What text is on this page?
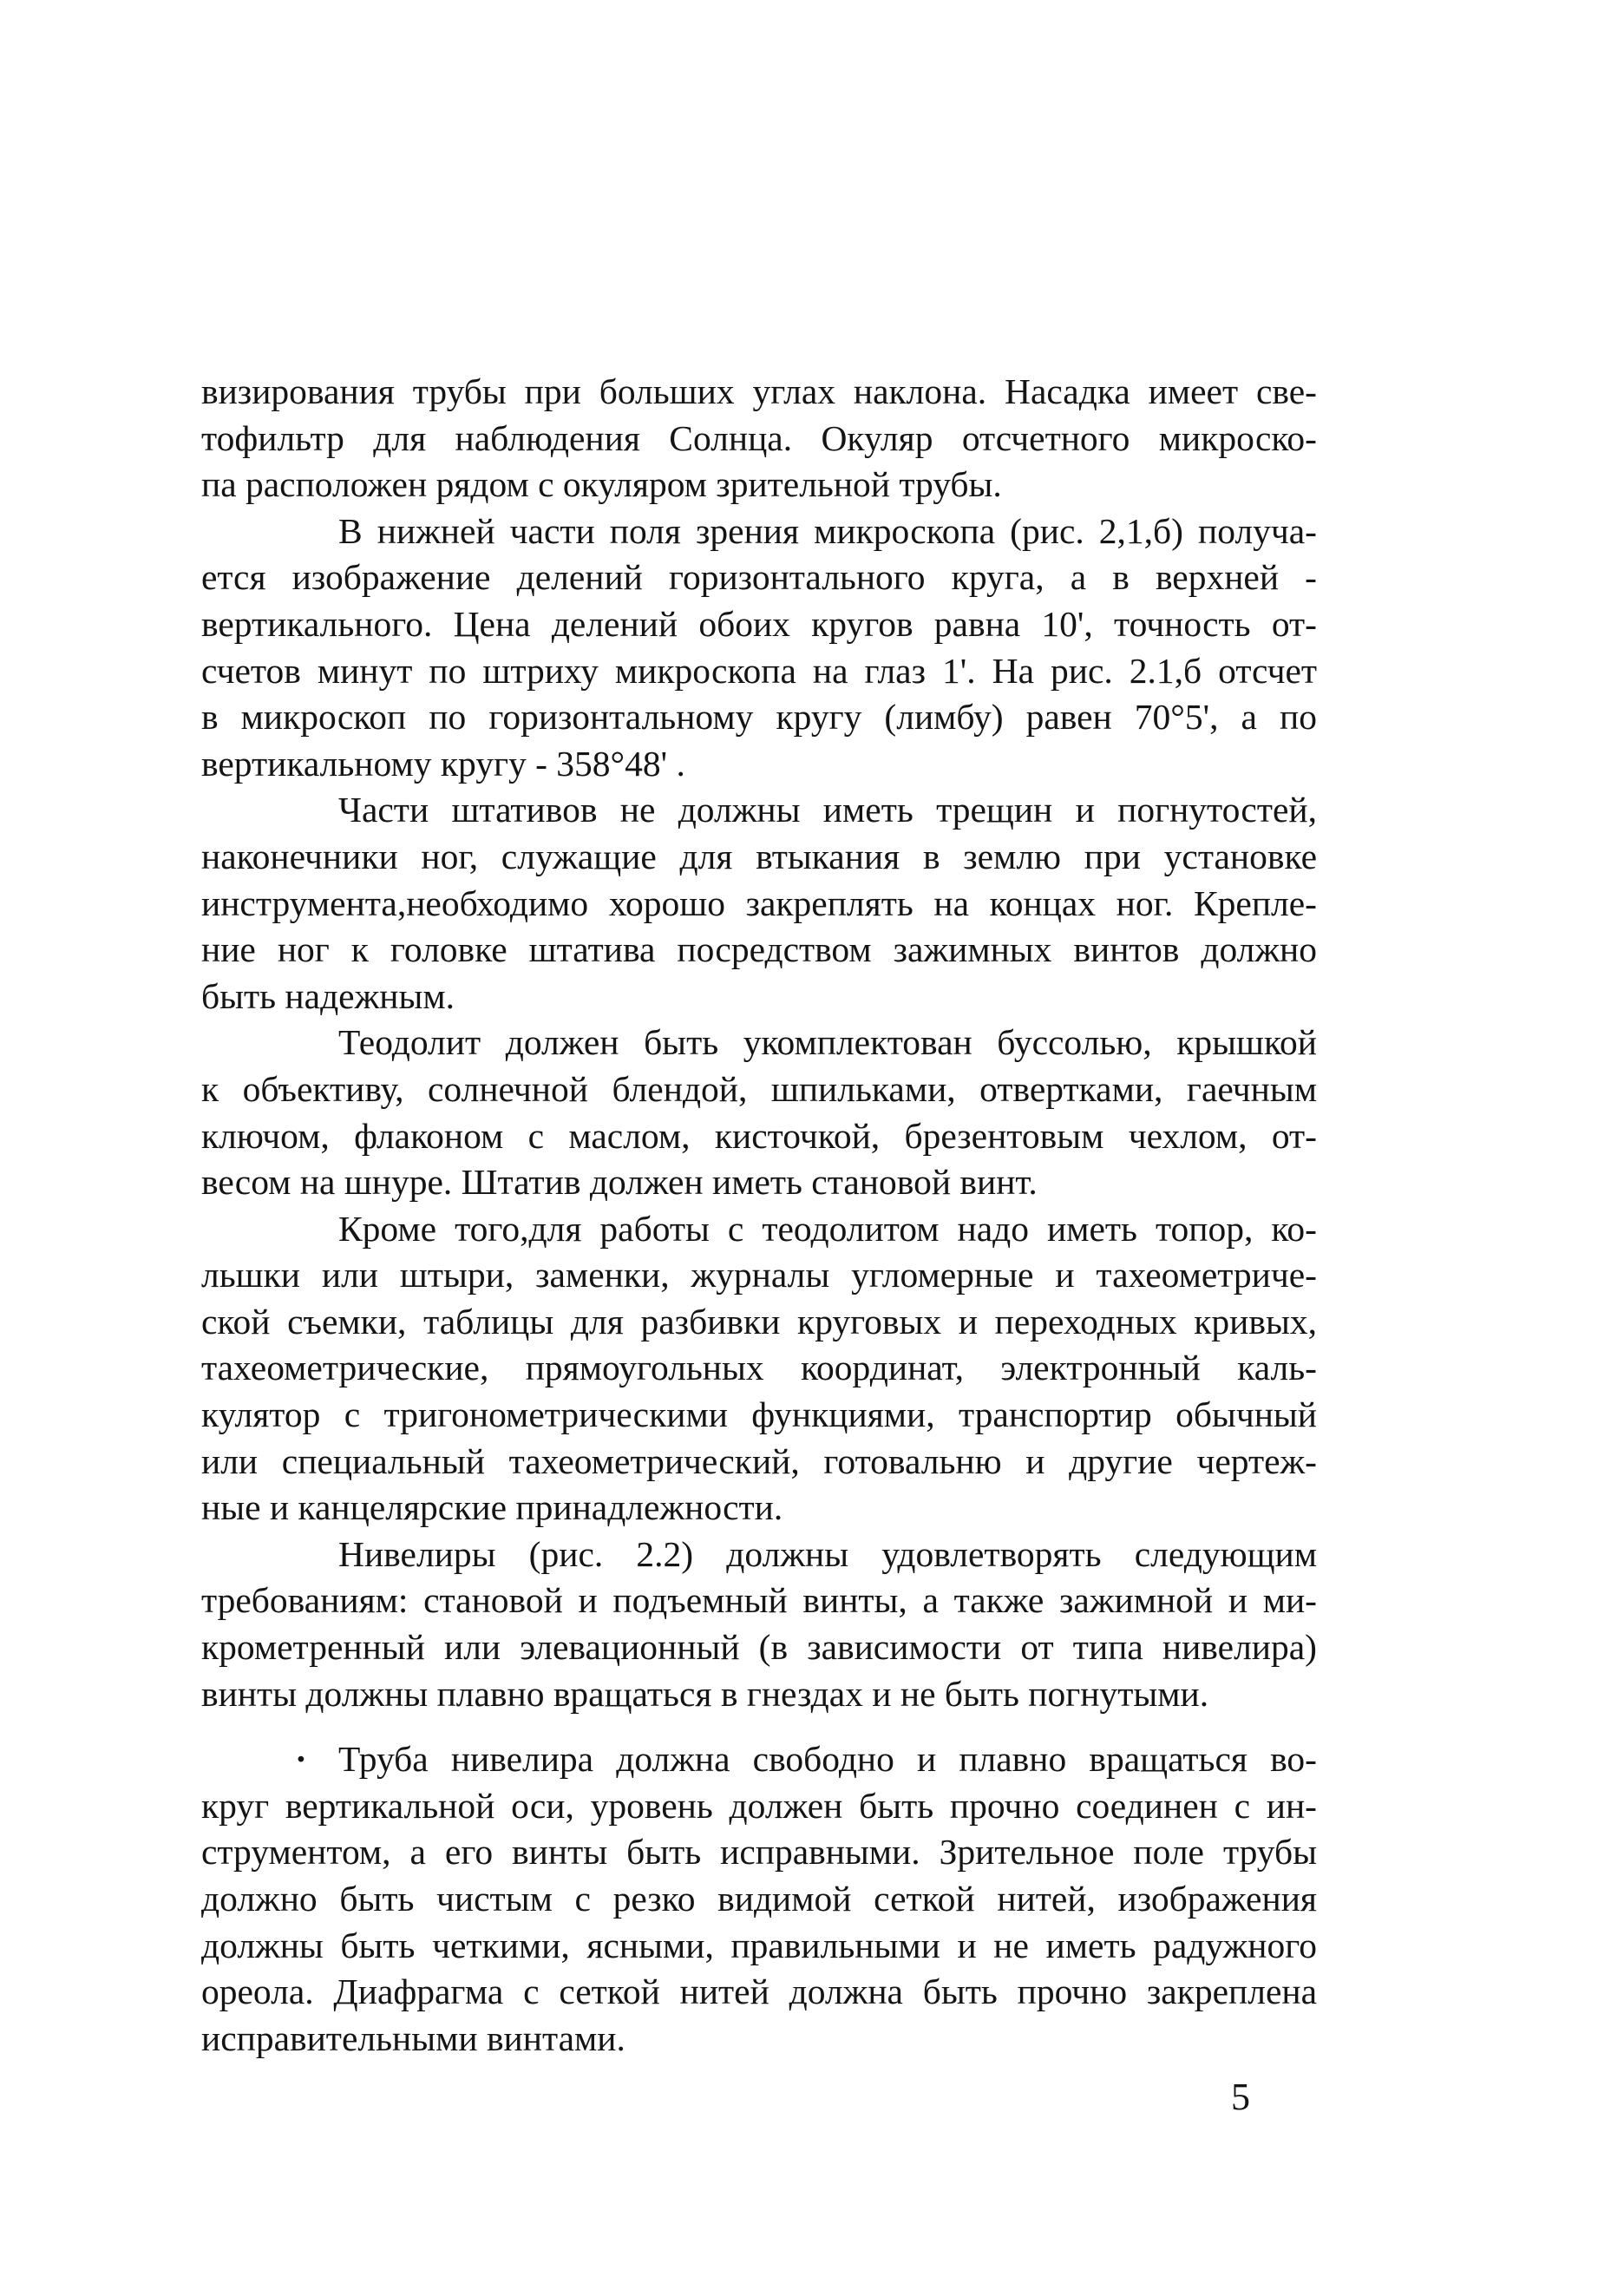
визирования трубы при больших углах наклона. Насадка имеет све-
тофильтр для наблюдения Солнца. Окуляр отсчетного микроско-
па расположен рядом с окуляром зрительной трубы.
В нижней части поля зрения микроскопа (рис. 2,1,б) получа-
ется изображение делений горизонтального круга, а в верхней -
вертикального. Цена делений обоих кругов равна 10', точность от-
счетов минут по штриху микроскопа на глаз 1'. На рис. 2.1,б отсчет
в микроскоп по горизонтальному кругу (лимбу) равен 70°5', а по
вертикальному кругу - 358°48' .
Части штативов не должны иметь трещин и погнутостей,
наконечники ног, служащие для втыкания в землю при установке
инструмента,необходимо хорошо закреплять на концах ног. Крепле-
ние ног к головке штатива посредством зажимных винтов должно
быть надежным.
Теодолит должен быть укомплектован буссолью, крышкой
к объективу, солнечной блендой, шпильками, отвертками, гаечным
ключом, флаконом с маслом, кисточкой, брезентовым чехлом, от-
весом на шнуре. Штатив должен иметь становой винт.
Кроме того,для работы с теодолитом надо иметь топор, ко-
льшки или штыри, заменки, журналы угломерные и тахеометриче-
ской съемки, таблицы для разбивки круговых и переходных кривых,
тахеометрические, прямоугольных координат, электронный каль-
кулятор с тригонометрическими функциями, транспортир обычный
или специальный тахеометрический, готовальню и другие чертеж-
ные и канцелярские принадлежности.
Нивелиры (рис. 2.2) должны удовлетворять следующим
требованиям: становой и подъемный винты, а также зажимной и ми-
крометренный или элевационный (в зависимости от типа нивелира)
винты должны плавно вращаться в гнездах и не быть погнутыми.
· Труба нивелира должна свободно и плавно вращаться во-
круг вертикальной оси, уровень должен быть прочно соединен с ин-
струментом, а его винты быть исправными. Зрительное поле трубы
должно быть чистым с резко видимой сеткой нитей, изображения
должны быть четкими, ясными, правильными и не иметь радужного
ореола. Диафрагма с сеткой нитей должна быть прочно закреплена
исправительными винтами.
5
